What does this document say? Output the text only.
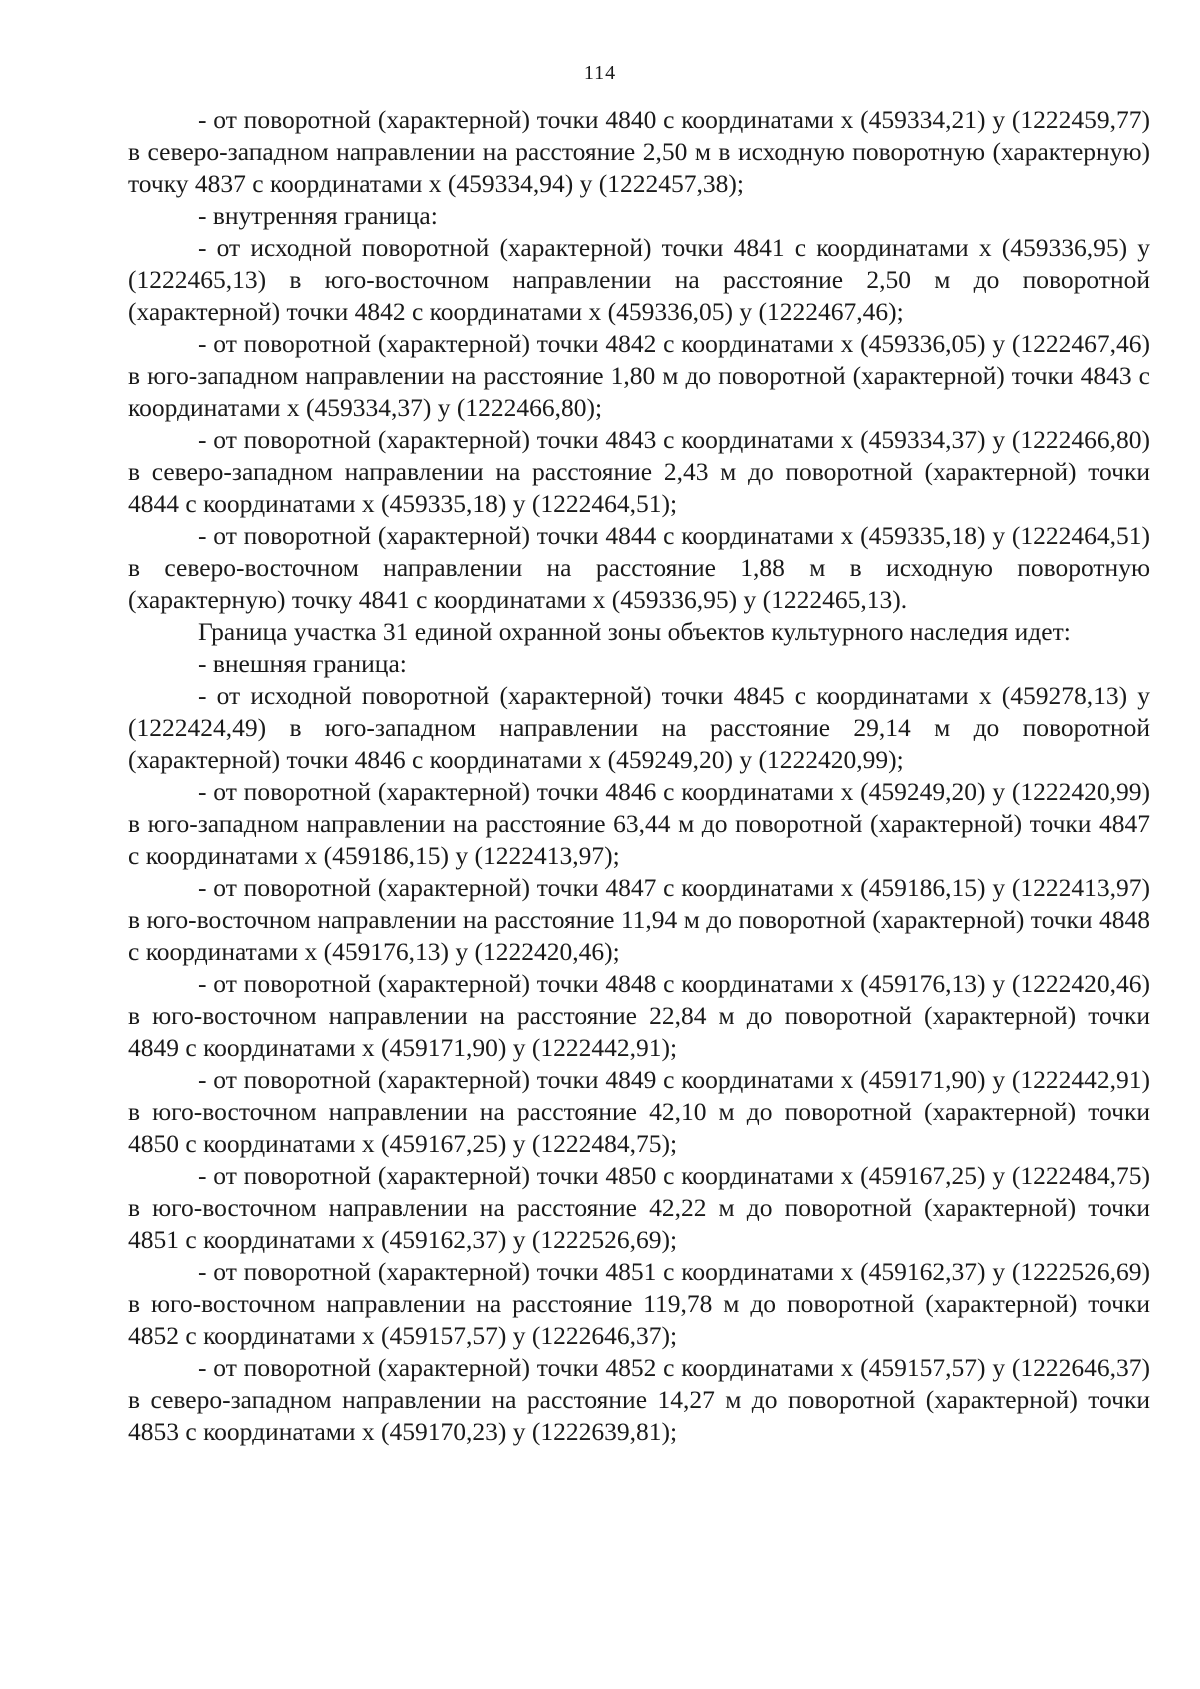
114

- от поворотной (характерной) точки 4840 с координатами x (459334,21) y (1222459,77) в северо-западном направлении на расстояние 2,50 м в исходную поворотную (характерную) точку 4837 с координатами x (459334,94) y (1222457,38);

- внутренняя граница:

- от исходной поворотной (характерной) точки 4841 с координатами x (459336,95) y (1222465,13) в юго-восточном направлении на расстояние 2,50 м до поворотной (характерной) точки 4842 с координатами x (459336,05) y (1222467,46);

- от поворотной (характерной) точки 4842 с координатами x (459336,05) y (1222467,46) в юго-западном направлении на расстояние 1,80 м до поворотной (характерной) точки 4843 с координатами x (459334,37) y (1222466,80);

- от поворотной (характерной) точки 4843 с координатами x (459334,37) y (1222466,80) в северо-западном направлении на расстояние 2,43 м до поворотной (характерной) точки 4844 с координатами x (459335,18) y (1222464,51);

- от поворотной (характерной) точки 4844 с координатами x (459335,18) y (1222464,51) в северо-восточном направлении на расстояние 1,88 м в исходную поворотную (характерную) точку 4841 с координатами x (459336,95) y (1222465,13).

Граница участка 31 единой охранной зоны объектов культурного наследия идет:

- внешняя граница:

- от исходной поворотной (характерной) точки 4845 с координатами x (459278,13) y (1222424,49) в юго-западном направлении на расстояние 29,14 м до поворотной (характерной) точки 4846 с координатами x (459249,20) y (1222420,99);

- от поворотной (характерной) точки 4846 с координатами x (459249,20) y (1222420,99) в юго-западном направлении на расстояние 63,44 м до поворотной (характерной) точки 4847 с координатами x (459186,15) y (1222413,97);

- от поворотной (характерной) точки 4847 с координатами x (459186,15) y (1222413,97) в юго-восточном направлении на расстояние 11,94 м до поворотной (характерной) точки 4848 с координатами x (459176,13) y (1222420,46);

- от поворотной (характерной) точки 4848 с координатами x (459176,13) y (1222420,46) в юго-восточном направлении на расстояние 22,84 м до поворотной (характерной) точки 4849 с координатами x (459171,90) y (1222442,91);

- от поворотной (характерной) точки 4849 с координатами x (459171,90) y (1222442,91) в юго-восточном направлении на расстояние 42,10 м до поворотной (характерной) точки 4850 с координатами x (459167,25) y (1222484,75);

- от поворотной (характерной) точки 4850 с координатами x (459167,25) y (1222484,75) в юго-восточном направлении на расстояние 42,22 м до поворотной (характерной) точки 4851 с координатами x (459162,37) y (1222526,69);

- от поворотной (характерной) точки 4851 с координатами x (459162,37) y (1222526,69) в юго-восточном направлении на расстояние 119,78 м до поворотной (характерной) точки 4852 с координатами x (459157,57) y (1222646,37);

- от поворотной (характерной) точки 4852 с координатами x (459157,57) y (1222646,37) в северо-западном направлении на расстояние 14,27 м до поворотной (характерной) точки 4853 с координатами x (459170,23) y (1222639,81);
